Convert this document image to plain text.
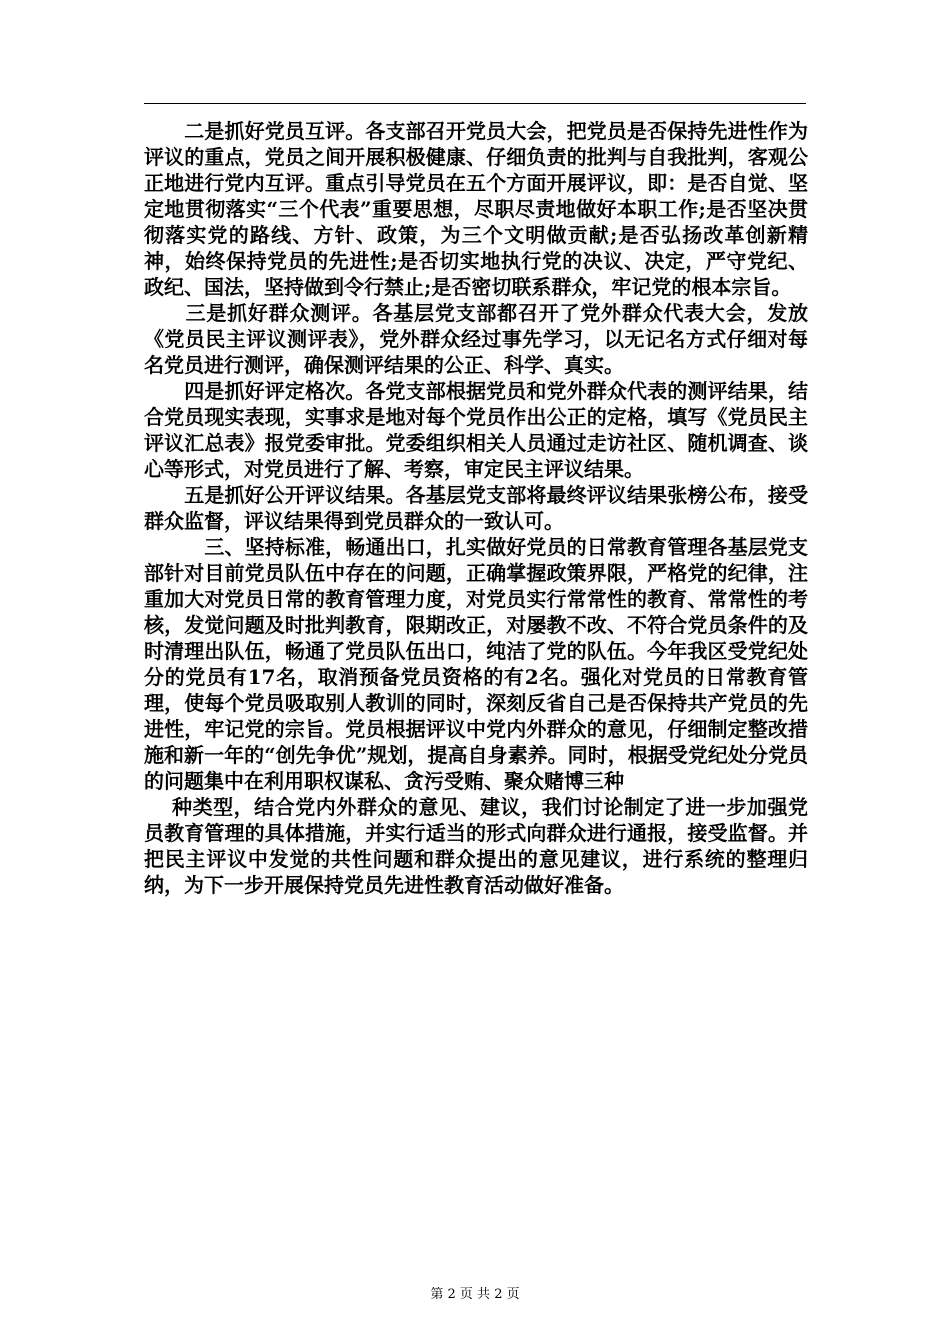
　　二是抓好党员互评。各支部召开党员大会，把党员是否保持先进性作为评议的重点，党员之间开展积极健康、仔细负责的批判与自我批判，客观公正地进行党内互评。重点引导党员在五个方面开展评议，即：是否自觉、坚定地贯彻落实“三个代表”重要思想，尽职尽责地做好本职工作;是否坚决贯彻落实党的路线、方针、政策，为三个文明做贡献;是否弘扬改革创新精神，始终保持党员的先进性;是否切实地执行党的决议、决定，严守党纪、政纪、国法，坚持做到令行禁止;是否密切联系群众，牢记党的根本宗旨。

　　三是抓好群众测评。各基层党支部都召开了党外群众代表大会，发放《党员民主评议测评表》，党外群众经过事先学习，以无记名方式仔细对每名党员进行测评，确保测评结果的公正、科学、真实。

　　四是抓好评定格次。各党支部根据党员和党外群众代表的测评结果，结合党员现实表现，实事求是地对每个党员作出公正的定格，填写《党员民主评议汇总表》报党委审批。党委组织相关人员通过走访社区、随机调查、谈心等形式，对党员进行了解、考察，审定民主评议结果。

　　五是抓好公开评议结果。各基层党支部将最终评议结果张榜公布，接受群众监督，评议结果得到党员群众的一致认可。

　　　三、坚持标准，畅通出口，扎实做好党员的日常教育管理各基层党支部针对目前党员队伍中存在的问题，正确掌握政策界限，严格党的纪律，注重加大对党员日常的教育管理力度，对党员实行常常性的教育、常常性的考核，发觉问题及时批判教育，限期改正，对屡教不改、不符合党员条件的及时清理出队伍，畅通了党员队伍出口，纯洁了党的队伍。今年我区受党纪处分的党员有17名，取消预备党员资格的有2名。强化对党员的日常教育管理，使每个党员吸取别人教训的同时，深刻反省自己是否保持共产党员的先进性，牢记党的宗旨。党员根据评议中党内外群众的意见，仔细制定整改措施和新一年的“创先争优”规划，提高自身素养。同时，根据受党纪处分党员的问题集中在利用职权谋私、贪污受贿、聚众赌博三种

　 种类型，结合党内外群众的意见、建议，我们讨论制定了进一步加强党员教育管理的具体措施，并实行适当的形式向群众进行通报，接受监督。并把民主评议中发觉的共性问题和群众提出的意见建议，进行系统的整理归纳，为下一步开展保持党员先进性教育活动做好准备。

第 2 页 共 2 页
